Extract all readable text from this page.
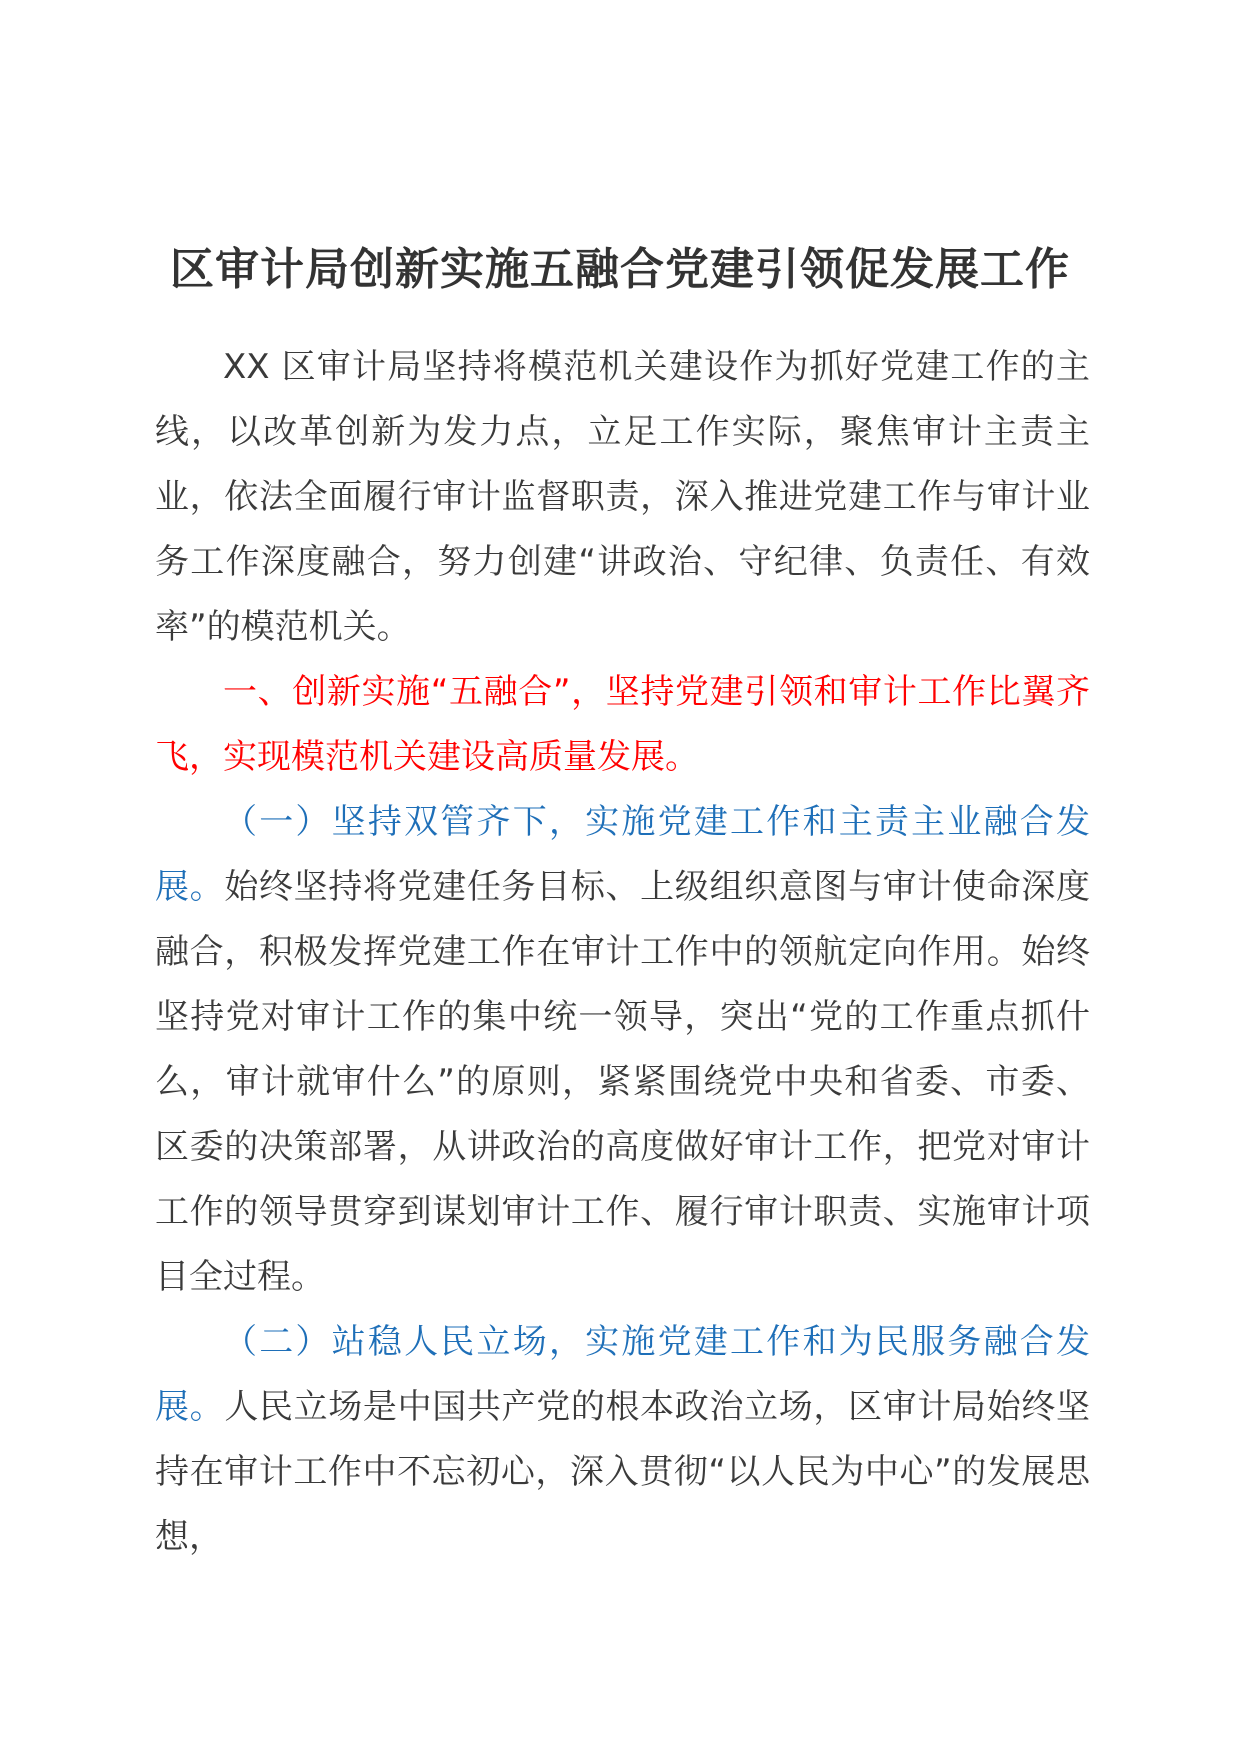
区审计局创新实施五融合党建引领促发展工作

XX 区审计局坚持将模范机关建设作为抓好党建工作的主线，以改革创新为发力点，立足工作实际，聚焦审计主责主业，依法全面履行审计监督职责，深入推进党建工作与审计业务工作深度融合，努力创建“讲政治、守纪律、负责任、有效率”的模范机关。

一、创新实施“五融合”，坚持党建引领和审计工作比翼齐飞，实现模范机关建设高质量发展。

（一）坚持双管齐下，实施党建工作和主责主业融合发展。始终坚持将党建任务目标、上级组织意图与审计使命深度融合，积极发挥党建工作在审计工作中的领航定向作用。始终坚持党对审计工作的集中统一领导，突出“党的工作重点抓什么，审计就审什么”的原则，紧紧围绕党中央和省委、市委、区委的决策部署，从讲政治的高度做好审计工作，把党对审计工作的领导贯穿到谋划审计工作、履行审计职责、实施审计项目全过程。

（二）站稳人民立场，实施党建工作和为民服务融合发展。人民立场是中国共产党的根本政治立场，区审计局始终坚持在审计工作中不忘初心，深入贯彻“以人民为中心”的发展思想，
